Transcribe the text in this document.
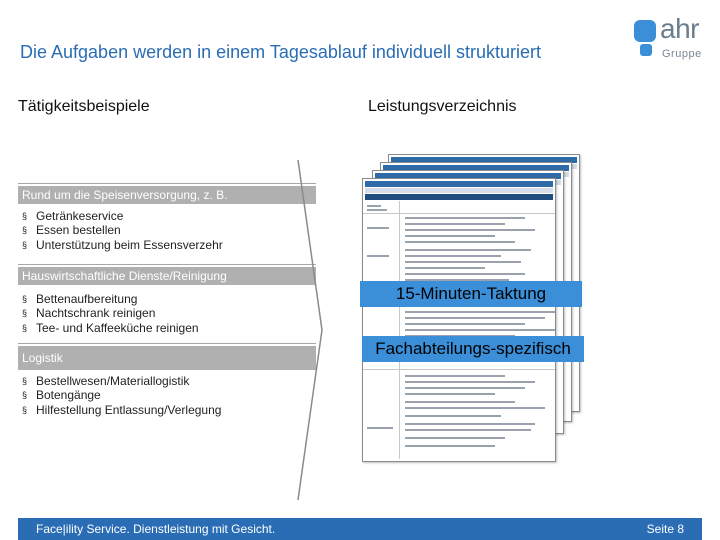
Die Aufgaben werden in einem Tagesablauf individuell strukturiert
ahr
Gruppe
Tätigkeitsbeispiele	Leistungsverzeichnis
Rund um die Speisenversorgung, z. B.
§ Getränkeservice
§ Essen bestellen
§ Unterstützung beim Essensverzehr
Hauswirtschaftliche Dienste/Reinigung
§ Bettenaufbereitung
§ Nachtschrank reinigen
§ Tee- und Kaffeeküche reinigen
Logistik
§ Bestellwesen/Materiallogistik
§ Botengänge
§ Hilfestellung Entlassung/Verlegung
15-Minuten-Taktung
Fachabteilungs-spezifisch
Face|ility Service. Dienstleistung mit Gesicht.	Seite 8
